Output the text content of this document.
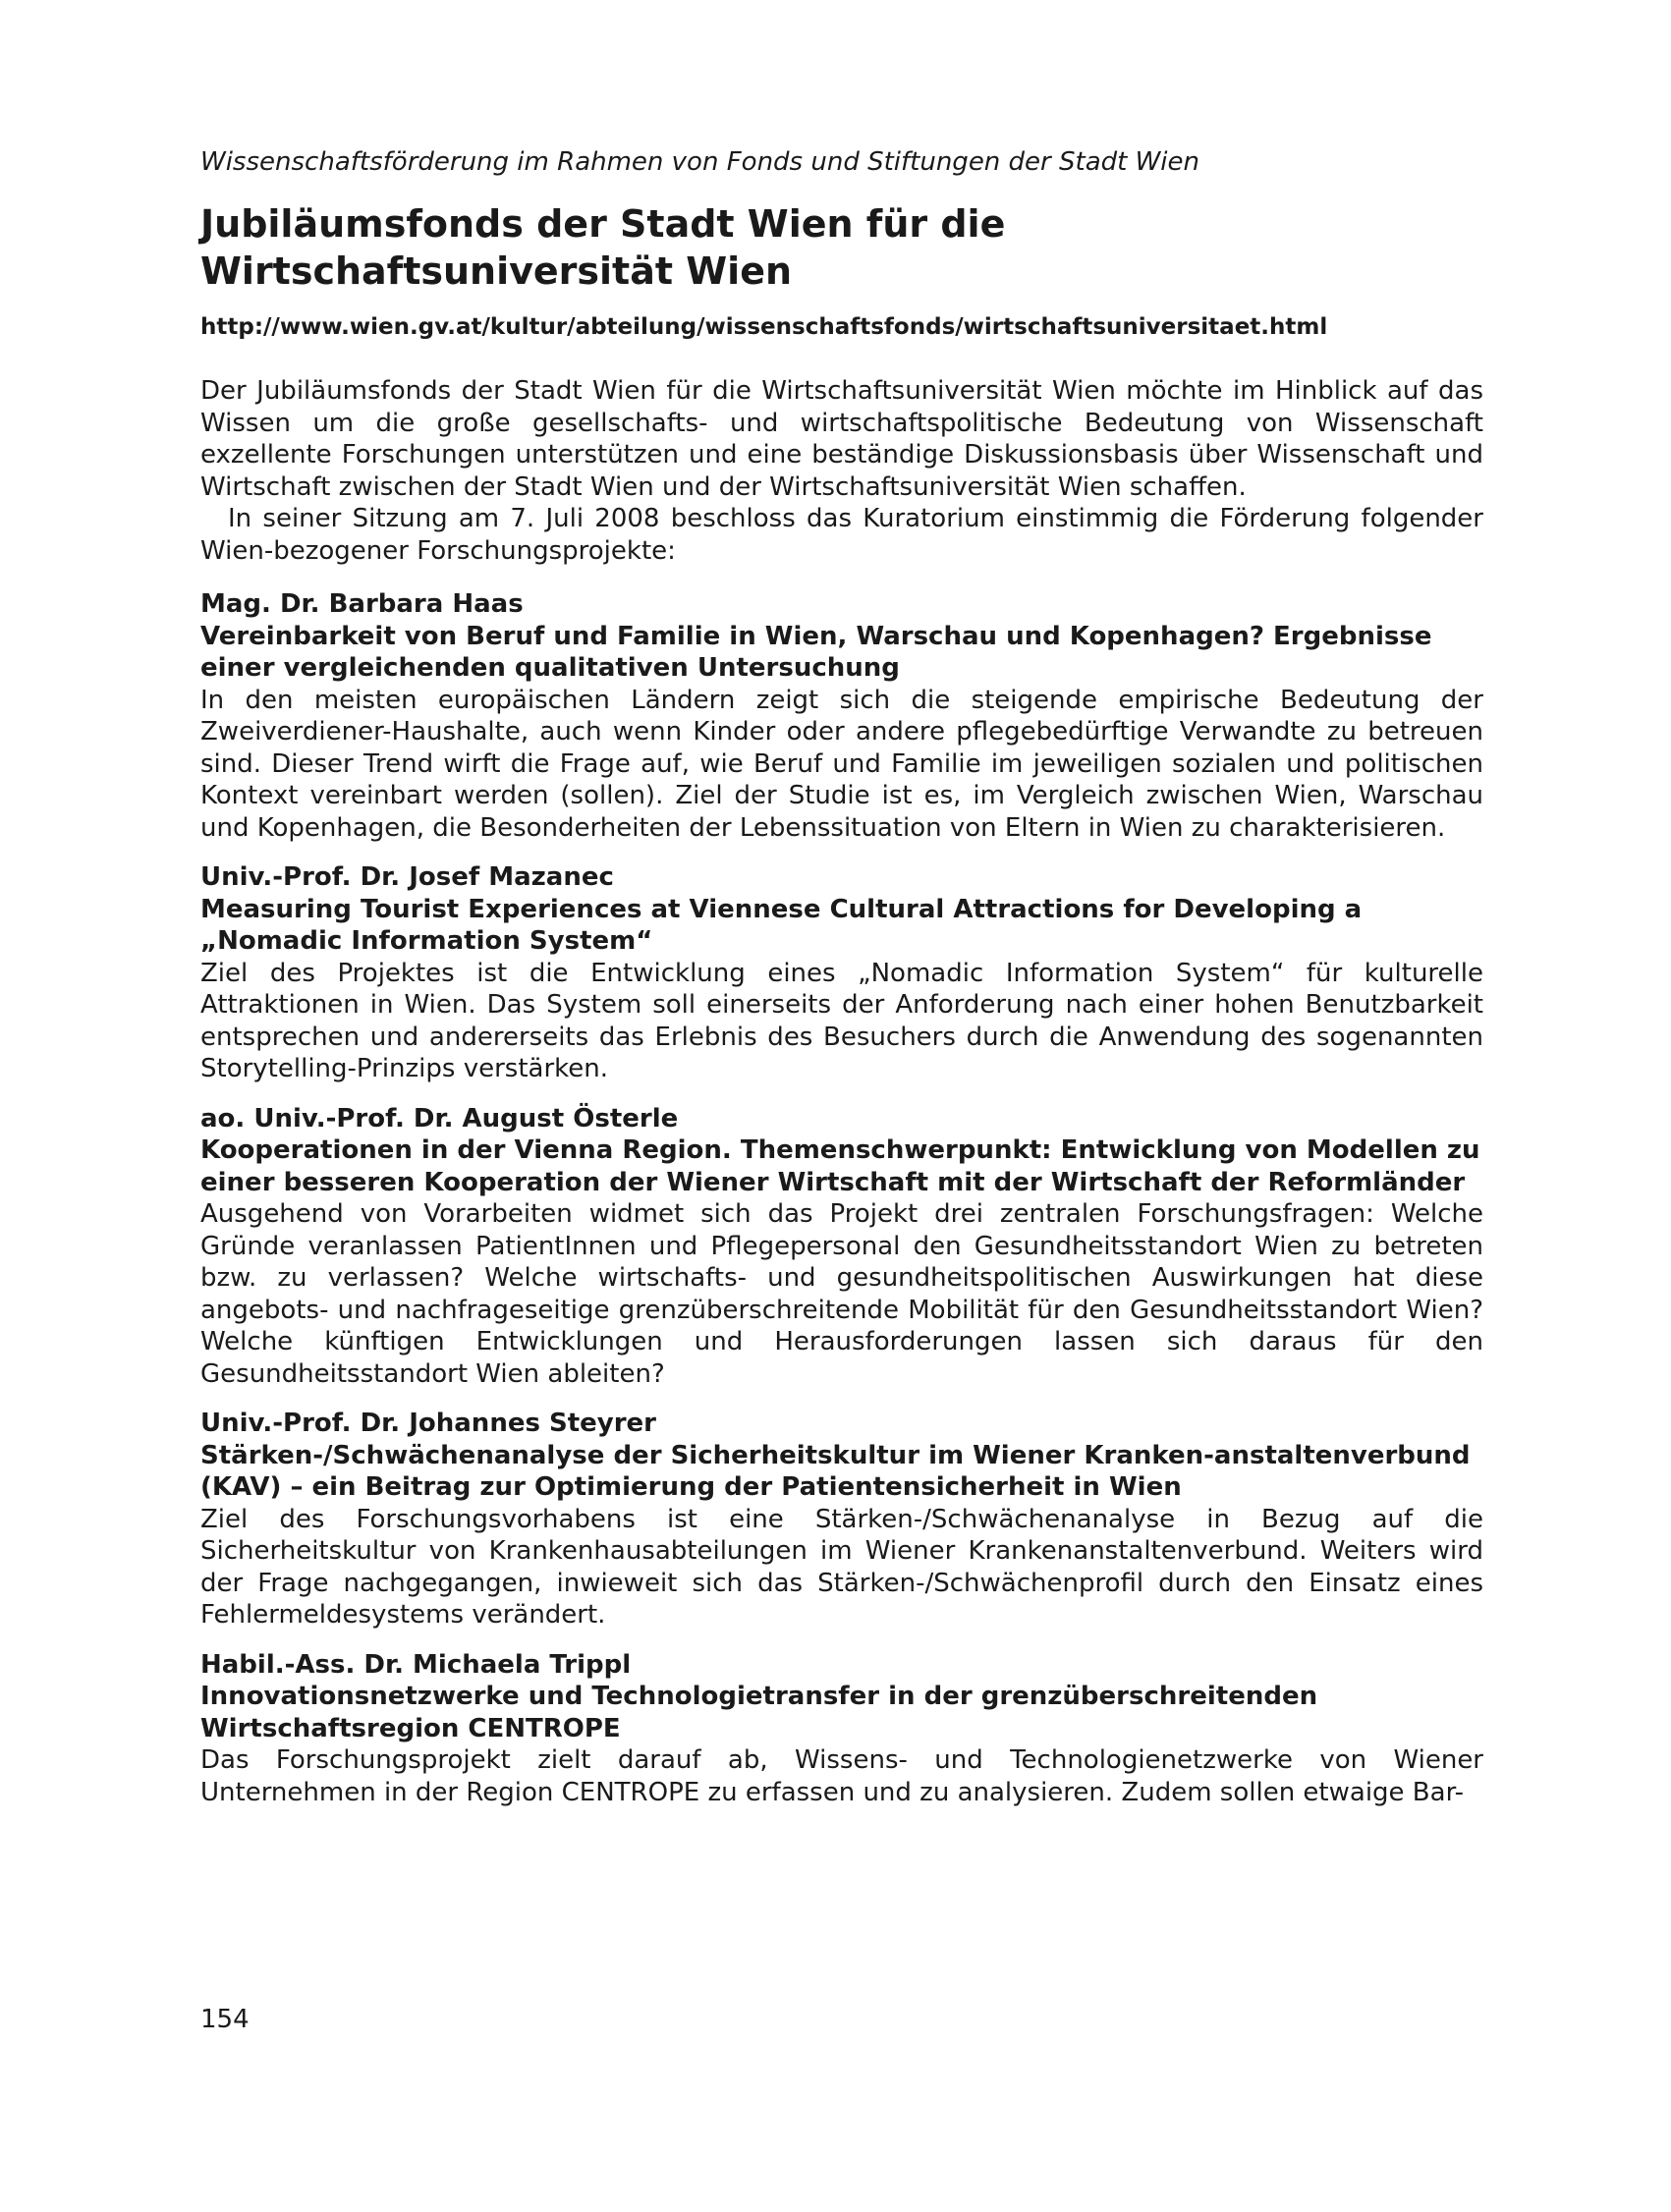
Wissenschaftsförderung im Rahmen von Fonds und Stiftungen der Stadt Wien
Jubiläumsfonds der Stadt Wien für die Wirtschaftsuniversität Wien
http://www.wien.gv.at/kultur/abteilung/wissenschaftsfonds/wirtschaftsuniversitaet.html

Der Jubiläumsfonds der Stadt Wien für die Wirtschaftsuniversität Wien möchte im Hinblick auf das Wissen um die große gesellschafts- und wirtschaftspolitische Bedeutung von Wissenschaft exzellente Forschungen unterstützen und eine beständige Diskussionsbasis über Wissenschaft und Wirtschaft zwischen der Stadt Wien und der Wirtschaftsuniversität Wien schaffen.

In seiner Sitzung am 7. Juli 2008 beschloss das Kuratorium einstimmig die Förderung folgender Wien-bezogener Forschungsprojekte:

Mag. Dr. Barbara Haas
Vereinbarkeit von Beruf und Familie in Wien, Warschau und Kopenhagen? Ergebnisse einer vergleichenden qualitativen Untersuchung

In den meisten europäischen Ländern zeigt sich die steigende empirische Bedeutung der Zweiverdiener-Haushalte, auch wenn Kinder oder andere pflegebedürftige Verwandte zu betreuen sind. Dieser Trend wirft die Frage auf, wie Beruf und Familie im jeweiligen sozialen und politischen Kontext vereinbart werden (sollen). Ziel der Studie ist es, im Vergleich zwischen Wien, Warschau und Kopenhagen, die Besonderheiten der Lebenssituation von Eltern in Wien zu charakterisieren.

Univ.-Prof. Dr. Josef Mazanec
Measuring Tourist Experiences at Viennese Cultural Attractions for Developing a „Nomadic Information System“

Ziel des Projektes ist die Entwicklung eines „Nomadic Information System“ für kulturelle Attraktionen in Wien. Das System soll einerseits der Anforderung nach einer hohen Benutzbarkeit entsprechen und andererseits das Erlebnis des Besuchers durch die Anwendung des sogenannten Storytelling-Prinzips verstärken.

ao. Univ.-Prof. Dr. August Österle
Kooperationen in der Vienna Region. Themenschwerpunkt: Entwicklung von Modellen zu einer besseren Kooperation der Wiener Wirtschaft mit der Wirtschaft der Reformländer

Ausgehend von Vorarbeiten widmet sich das Projekt drei zentralen Forschungsfragen: Welche Gründe veranlassen PatientInnen und Pflegepersonal den Gesundheitsstandort Wien zu betreten bzw. zu verlassen? Welche wirtschafts- und gesundheitspolitischen Auswirkungen hat diese angebots- und nachfrageseitige grenzüberschreitende Mobilität für den Gesundheitsstandort Wien? Welche künftigen Entwicklungen und Herausforderungen lassen sich daraus für den Gesundheitsstandort Wien ableiten?

Univ.-Prof. Dr. Johannes Steyrer
Stärken-/Schwächenanalyse der Sicherheitskultur im Wiener Kranken-anstaltenverbund (KAV) – ein Beitrag zur Optimierung der Patientensicherheit in Wien

Ziel des Forschungsvorhabens ist eine Stärken-/Schwächenanalyse in Bezug auf die Sicherheitskultur von Krankenhausabteilungen im Wiener Krankenanstaltenverbund. Weiters wird der Frage nachgegangen, inwieweit sich das Stärken-/Schwächenprofil durch den Einsatz eines Fehlermeldesystems verändert.

Habil.-Ass. Dr. Michaela Trippl
Innovationsnetzwerke und Technologietransfer in der grenzüberschreitenden Wirtschaftsregion CENTROPE

Das Forschungsprojekt zielt darauf ab, Wissens- und Technologienetzwerke von Wiener Unternehmen in der Region CENTROPE zu erfassen und zu analysieren. Zudem sollen etwaige Bar-

154
